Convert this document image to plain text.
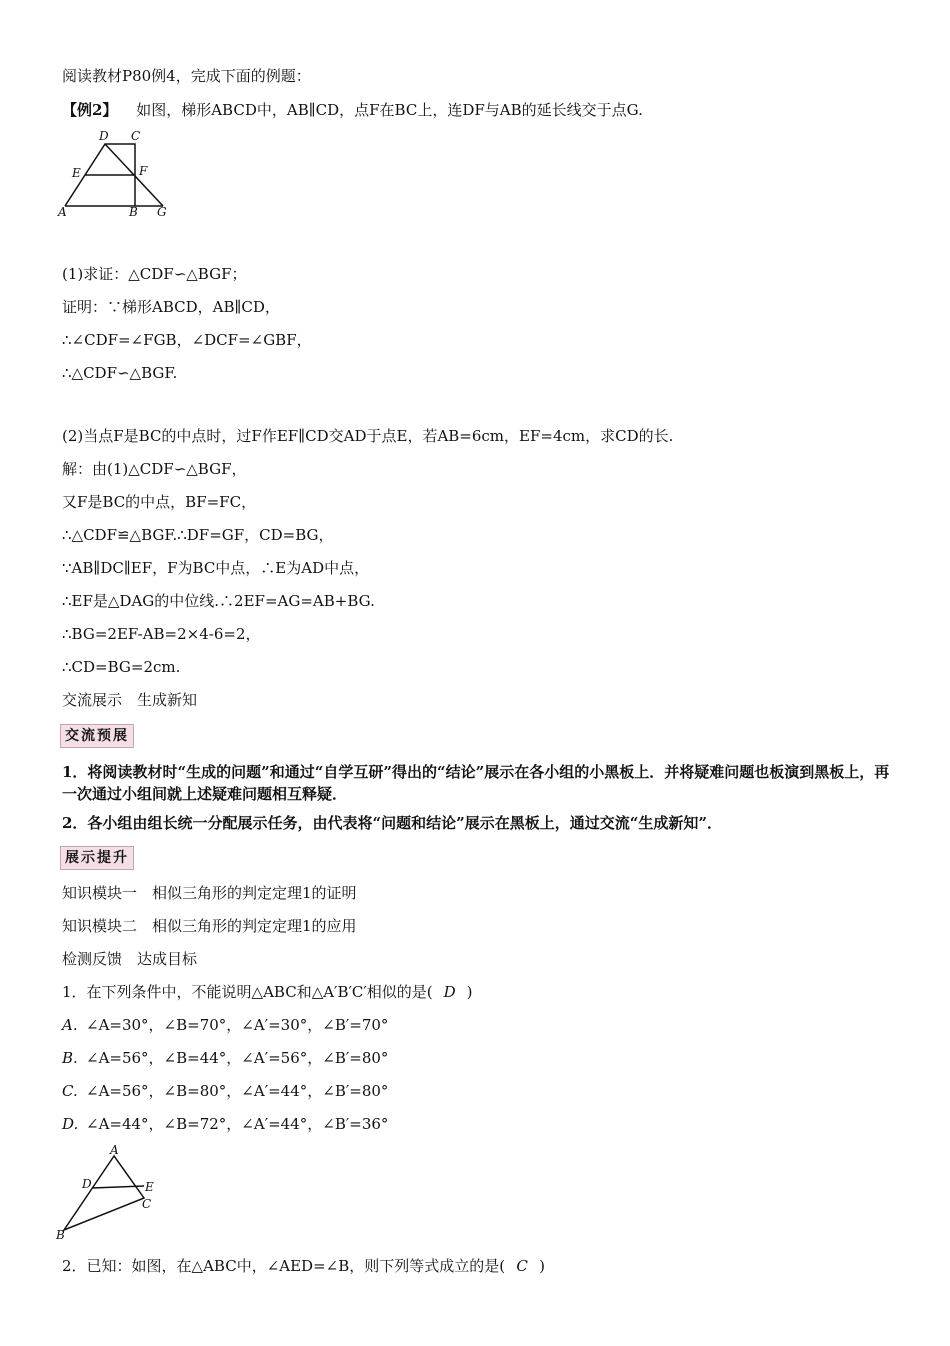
阅读教材P80例4，完成下面的例题：
【例2】 如图，梯形ABCD中，AB∥CD，点F在BC上，连DF与AB的延长线交于点G.
D C
E	F
A	B G
(1)求证：△CDF∽△BGF；
证明：∵梯形ABCD，AB∥CD，
∴∠CDF=∠FGB，∠DCF=∠GBF，
∴△CDF∽△BGF.
(2)当点F是BC的中点时，过F作EF∥CD交AD于点E，若AB=6cm，EF=4cm，求CD的长.
解：由(1)△CDF∽△BGF，
又F是BC的中点，BF=FC，
∴△CDF≌△BGF.∴DF=GF，CD=BG，
∵AB∥DC∥EF，F为BC中点，∴E为AD中点，
∴EF是△DAG的中位线.∴2EF=AG=AB+BG.
∴BG=2EF-AB=2×4-6=2，
∴CD=BG=2cm.
交流展示　生成新知
交流预展
1．将阅读教材时“生成的问题”和通过“自学互研”得出的“结论”展示在各小组的小黑板上．并将疑难问题也板演到黑板上，再一次通过小组间就上述疑难问题相互释疑．
2．各小组由组长统一分配展示任务，由代表将“问题和结论”展示在黑板上，通过交流“生成新知”．
展示提升
知识模块一　相似三角形的判定定理1的证明
知识模块二　相似三角形的判定定理1的应用
检测反馈　达成目标
1．在下列条件中，不能说明△ABC和△A′B′C′相似的是( D )
A. ∠A=30°，∠B=70°，∠A′=30°，∠B′=70°
B. ∠A=56°，∠B=44°，∠A′=56°，∠B′=80°
C. ∠A=56°，∠B=80°，∠A′=44°，∠B′=80°
D. ∠A=44°，∠B=72°，∠A′=44°，∠B′=36°
A
D	E
C
B
2．已知：如图，在△ABC中，∠AED=∠B，则下列等式成立的是( C )
